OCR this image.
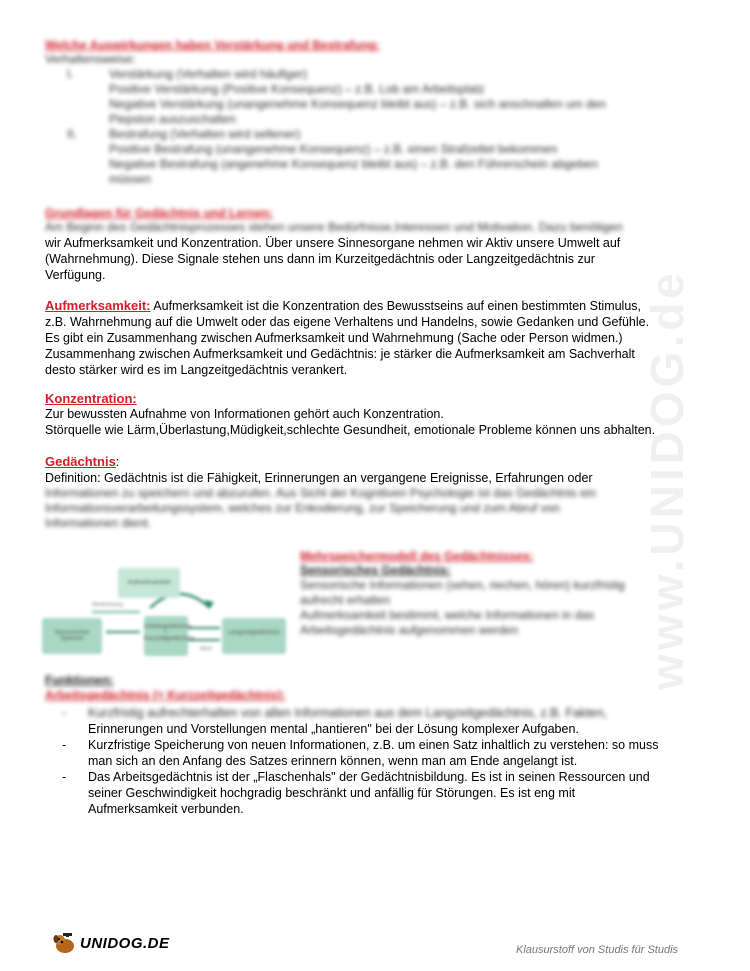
www.UNIDOG.de
Welche Auswirkungen haben Verstärkung und Bestrafung:
Verhaltensweise:
I.	Verstärkung (Verhalten wird häufiger)
Positive Verstärkung (Positive Konsequenz) – z.B. Lob am Arbeitsplatz
Negative Verstärkung (unangenehme Konsequenz bleibt aus) – z.B. sich anschnallen um den
Piepston auszuschalten
II.	Bestrafung (Verhalten wird seltener)
Positive Bestrafung (unangenehme Konsequenz) – z.B. einen Strafzettel bekommen
Negative Bestrafung (angenehme Konsequenz bleibt aus) – z.B. den Führerschein abgeben
müssen
Grundlagen für Gedächtnis und Lernen:
Am Beginn des Gedächtnisprozesses stehen unsere Bedürfnisse,Interessen und Motivation. Dazu benötigen
wir Aufmerksamkeit und Konzentration. Über unsere Sinnesorgane nehmen wir Aktiv unsere Umwelt auf
(Wahrnehmung). Diese Signale stehen uns dann im Kurzeitgedächtnis oder Langzeitgedächtnis zur
Verfügung.
Aufmerksamkeit: Aufmerksamkeit ist die Konzentration des Bewusstseins auf einen bestimmten Stimulus,
z.B. Wahrnehmung auf die Umwelt oder das eigene Verhaltens und Handelns, sowie Gedanken und Gefühle.
Es gibt ein Zusammenhang zwischen Aufmerksamkeit und Wahrnehmung (Sache oder Person widmen.)
Zusammenhang zwischen Aufmerksamkeit und Gedächtnis: je stärker die Aufmerksamkeit am Sachverhalt
desto stärker wird es im Langzeitgedächtnis verankert.
Konzentration:
Zur bewussten Aufnahme von Informationen gehört auch Konzentration.
Störquelle wie Lärm,Überlastung,Müdigkeit,schlechte Gesundheit, emotionale Probleme können uns abhalten.
Gedächtnis:
Definition: Gedächtnis ist die Fähigkeit, Erinnerungen an vergangene Ereignisse, Erfahrungen oder
Informationen zu speichern und abzurufen. Aus Sicht der Kognitiven Psychologie ist das Gedächtnis ein
Informationsverarbeitungssystem, welches zur Enkodierung, zur Speicherung und zum Abruf von
Informationen dient.
Aufmerksamkeit
Sensorischer Speicher
Arbeitsgedächtnis / Kurzzeitgedächtnis
Langzeitgedächtnis
Wiederholung
Abruf
Mehrspeichermodell des Gedächtnisses:
Sensorisches Gedächtnis:
Sensorische Informationen (sehen, riechen, hören) kurzfristig
aufrecht erhalten
Aufmerksamkeit bestimmt, welche Informationen in das
Arbeitsgedächtnis aufgenommen werden
Funktionen:
Arbeitsgedächtnis (= Kurzzeitgedächtnis):
- Kurzfristig aufrechterhalten von allen Informationen aus dem Langzeitgedächtnis, z.B. Fakten,
Erinnerungen und Vorstellungen mental „hantieren" bei der Lösung komplexer Aufgaben.
- Kurzfristige Speicherung von neuen Informationen, z.B. um einen Satz inhaltlich zu verstehen: so muss
man sich an den Anfang des Satzes erinnern können, wenn man am Ende angelangt ist.
- Das Arbeitsgedächtnis ist der „Flaschenhals" der Gedächtnisbildung. Es ist in seinen Ressourcen und
seiner Geschwindigkeit hochgradig beschränkt und anfällig für Störungen. Es ist eng mit
Aufmerksamkeit verbunden.
UNIDOG.DE	Klausurstoff von Studis für Studis
